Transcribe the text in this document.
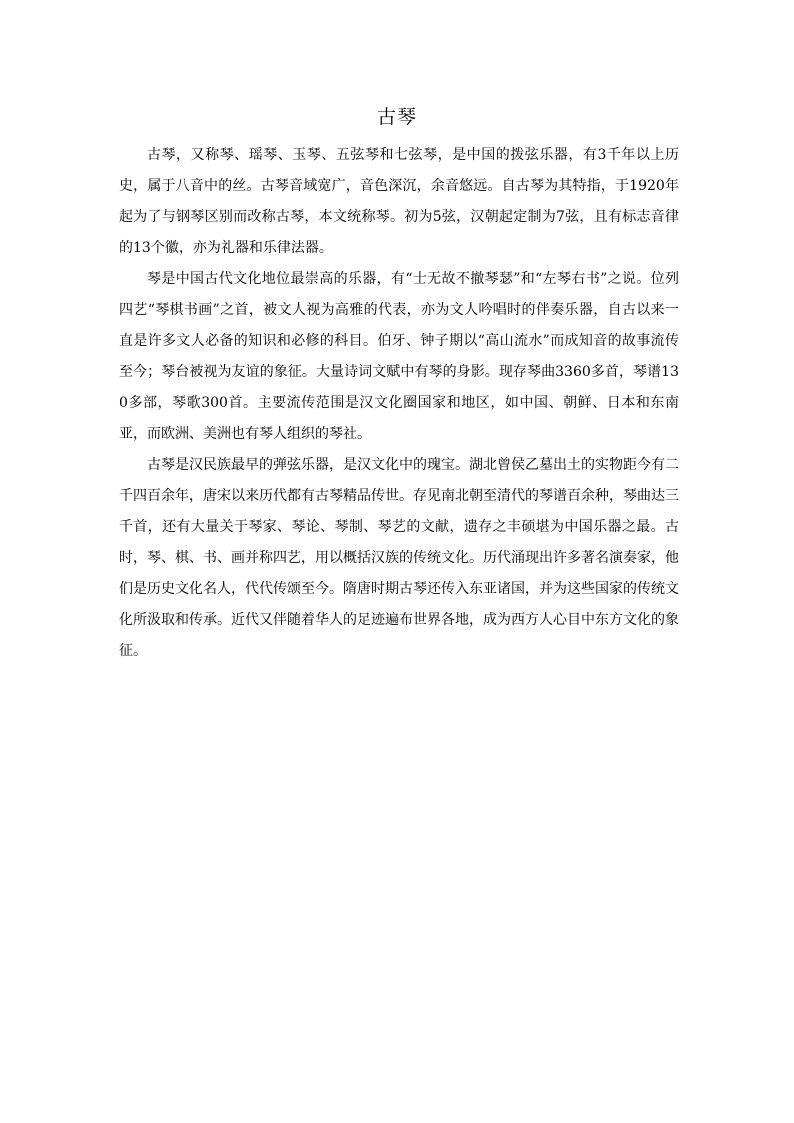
古琴

古琴，又称琴、瑶琴、玉琴、五弦琴和七弦琴，是中国的拨弦乐器，有3千年以上历史，属于八音中的丝。古琴音域宽广，音色深沉，余音悠远。自古琴为其特指，于1920年起为了与钢琴区别而改称古琴，本文统称琴。初为5弦，汉朝起定制为7弦，且有标志音律的13个徽，亦为礼器和乐律法器。

琴是中国古代文化地位最崇高的乐器，有“士无故不撤琴瑟”和“左琴右书”之说。位列四艺“琴棋书画”之首，被文人视为高雅的代表，亦为文人吟唱时的伴奏乐器，自古以来一直是许多文人必备的知识和必修的科目。伯牙、钟子期以“高山流水”而成知音的故事流传至今；琴台被视为友谊的象征。大量诗词文赋中有琴的身影。现存琴曲3360多首，琴谱130多部，琴歌300首。主要流传范围是汉文化圈国家和地区，如中国、朝鲜、日本和东南亚，而欧洲、美洲也有琴人组织的琴社。

古琴是汉民族最早的弹弦乐器，是汉文化中的瑰宝。湖北曾侯乙墓出土的实物距今有二千四百余年，唐宋以来历代都有古琴精品传世。存见南北朝至清代的琴谱百余种，琴曲达三千首，还有大量关于琴家、琴论、琴制、琴艺的文献，遗存之丰硕堪为中国乐器之最。古时，琴、棋、书、画并称四艺，用以概括汉族的传统文化。历代涌现出许多著名演奏家，他们是历史文化名人，代代传颂至今。隋唐时期古琴还传入东亚诸国，并为这些国家的传统文化所汲取和传承。近代又伴随着华人的足迹遍布世界各地，成为西方人心目中东方文化的象征。
